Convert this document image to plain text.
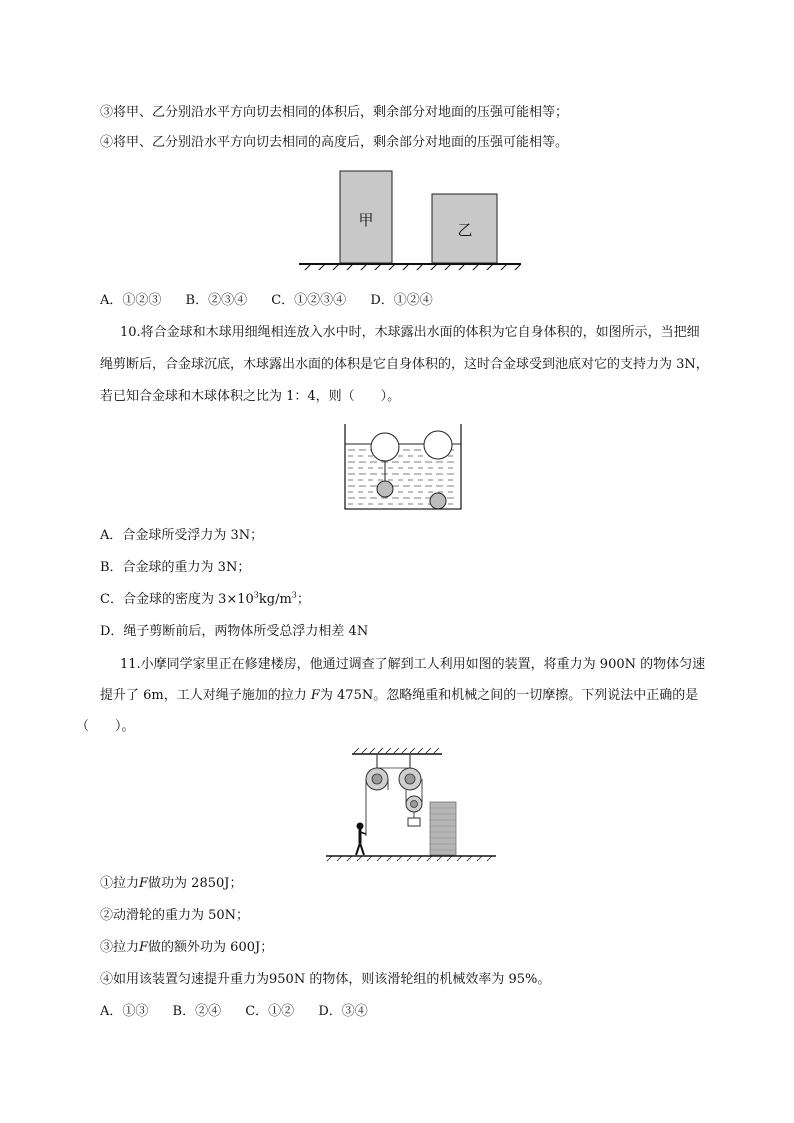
③将甲、乙分别沿水平方向切去相同的体积后，剩余部分对地面的压强可能相等；
④将甲、乙分别沿水平方向切去相同的高度后，剩余部分对地面的压强可能相等。
甲
乙
A．①②③ B．②③④ C．①②③④ D．①②④
10.将合金球和木球用细绳相连放入水中时，木球露出水面的体积为它自身体积的，如图所示，当把细
绳剪断后，合金球沉底，木球露出水面的体积是它自身体积的，这时合金球受到池底对它的支持力为 3N，
若已知合金球和木球体积之比为 1：4，则（　　）。
A．合金球所受浮力为 3N；
B．合金球的重力为 3N；
C．合金球的密度为 $3\times 10^3kg/m^3$；
D．绳子剪断前后，两物体所受总浮力相差 4N
11.小摩同学家里正在修建楼房，他通过调查了解到工人利用如图的装置，将重力为 900N 的物体匀速
提升了 6m，工人对绳子施加的拉力 F为 475N。忽略绳重和机械之间的一切摩擦。下列说法中正确的是
（　　）。
①拉力F做功为 2850J；
②动滑轮的重力为 50N；
③拉力F做的额外功为 600J；
④如用该装置匀速提升重力为950N 的物体，则该滑轮组的机械效率为 95%。
A．①③ B．②④ C．①② D．③④
